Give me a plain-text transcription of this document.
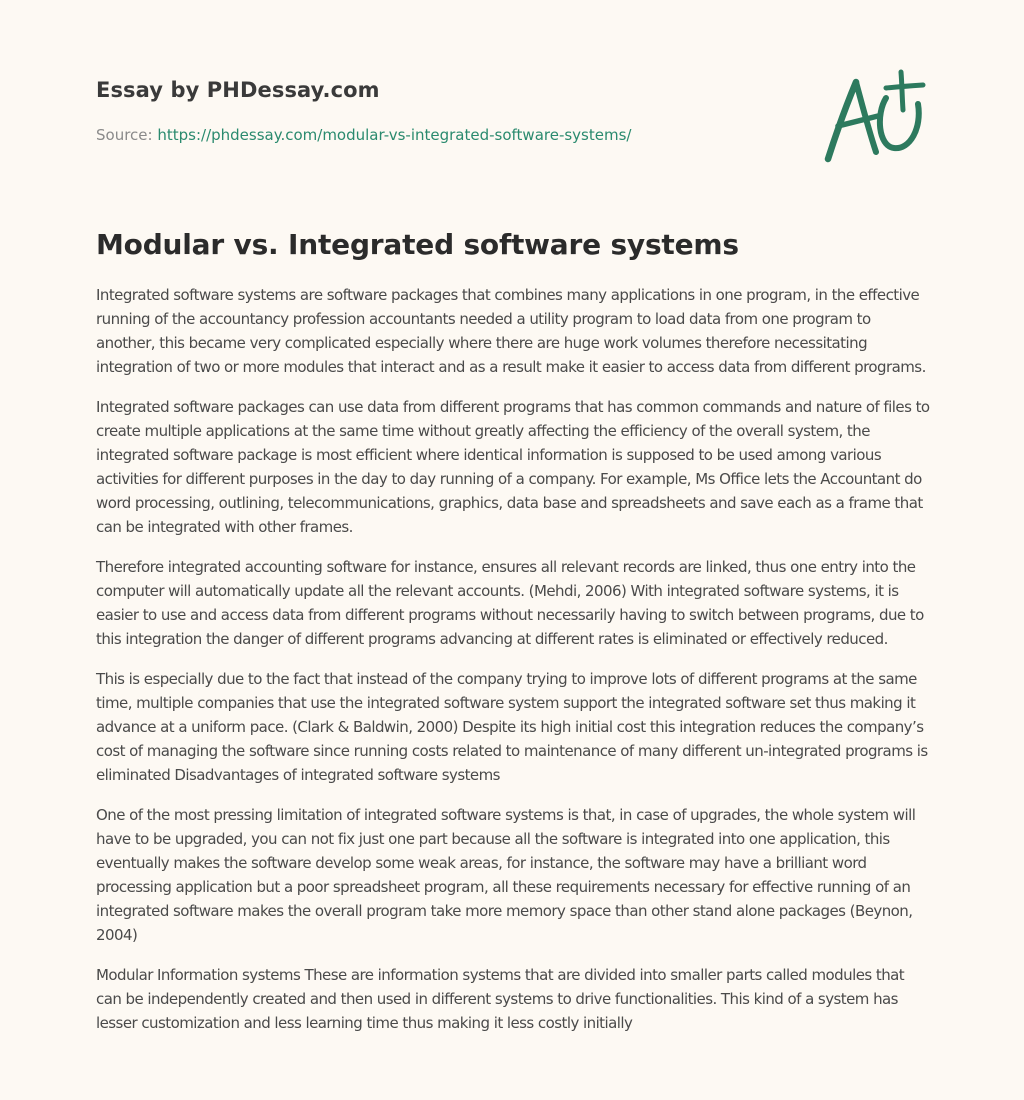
Essay by PHDessay.com
Source: https://phdessay.com/modular-vs-integrated-software-systems/
Modular vs. Integrated software systems

Integrated software systems are software packages that combines many applications in one program, in the effective running of the accountancy profession accountants needed a utility program to load data from one program to another, this became very complicated especially where there are huge work volumes therefore necessitating integration of two or more modules that interact and as a result make it easier to access data from different programs.

Integrated software packages can use data from different programs that has common commands and nature of files to create multiple applications at the same time without greatly affecting the efficiency of the overall system, the integrated software package is most efficient where identical information is supposed to be used among various activities for different purposes in the day to day running of a company. For example, Ms Office lets the Accountant do word processing, outlining, telecommunications, graphics, data base and spreadsheets and save each as a frame that can be integrated with other frames.

Therefore integrated accounting software for instance, ensures all relevant records are linked, thus one entry into the computer will automatically update all the relevant accounts. (Mehdi, 2006) With integrated software systems, it is easier to use and access data from different programs without necessarily having to switch between programs, due to this integration the danger of different programs advancing at different rates is eliminated or effectively reduced.

This is especially due to the fact that instead of the company trying to improve lots of different programs at the same time, multiple companies that use the integrated software system support the integrated software set thus making it advance at a uniform pace. (Clark & Baldwin, 2000) Despite its high initial cost this integration reduces the company’s cost of managing the software since running costs related to maintenance of many different un-integrated programs is eliminated Disadvantages of integrated software systems

One of the most pressing limitation of integrated software systems is that, in case of upgrades, the whole system will have to be upgraded, you can not fix just one part because all the software is integrated into one application, this eventually makes the software develop some weak areas, for instance, the software may have a brilliant word processing application but a poor spreadsheet program, all these requirements necessary for effective running of an integrated software makes the overall program take more memory space than other stand alone packages (Beynon, 2004)

Modular Information systems These are information systems that are divided into smaller parts called modules that can be independently created and then used in different systems to drive functionalities. This kind of a system has lesser customization and less learning time thus making it less costly initially
